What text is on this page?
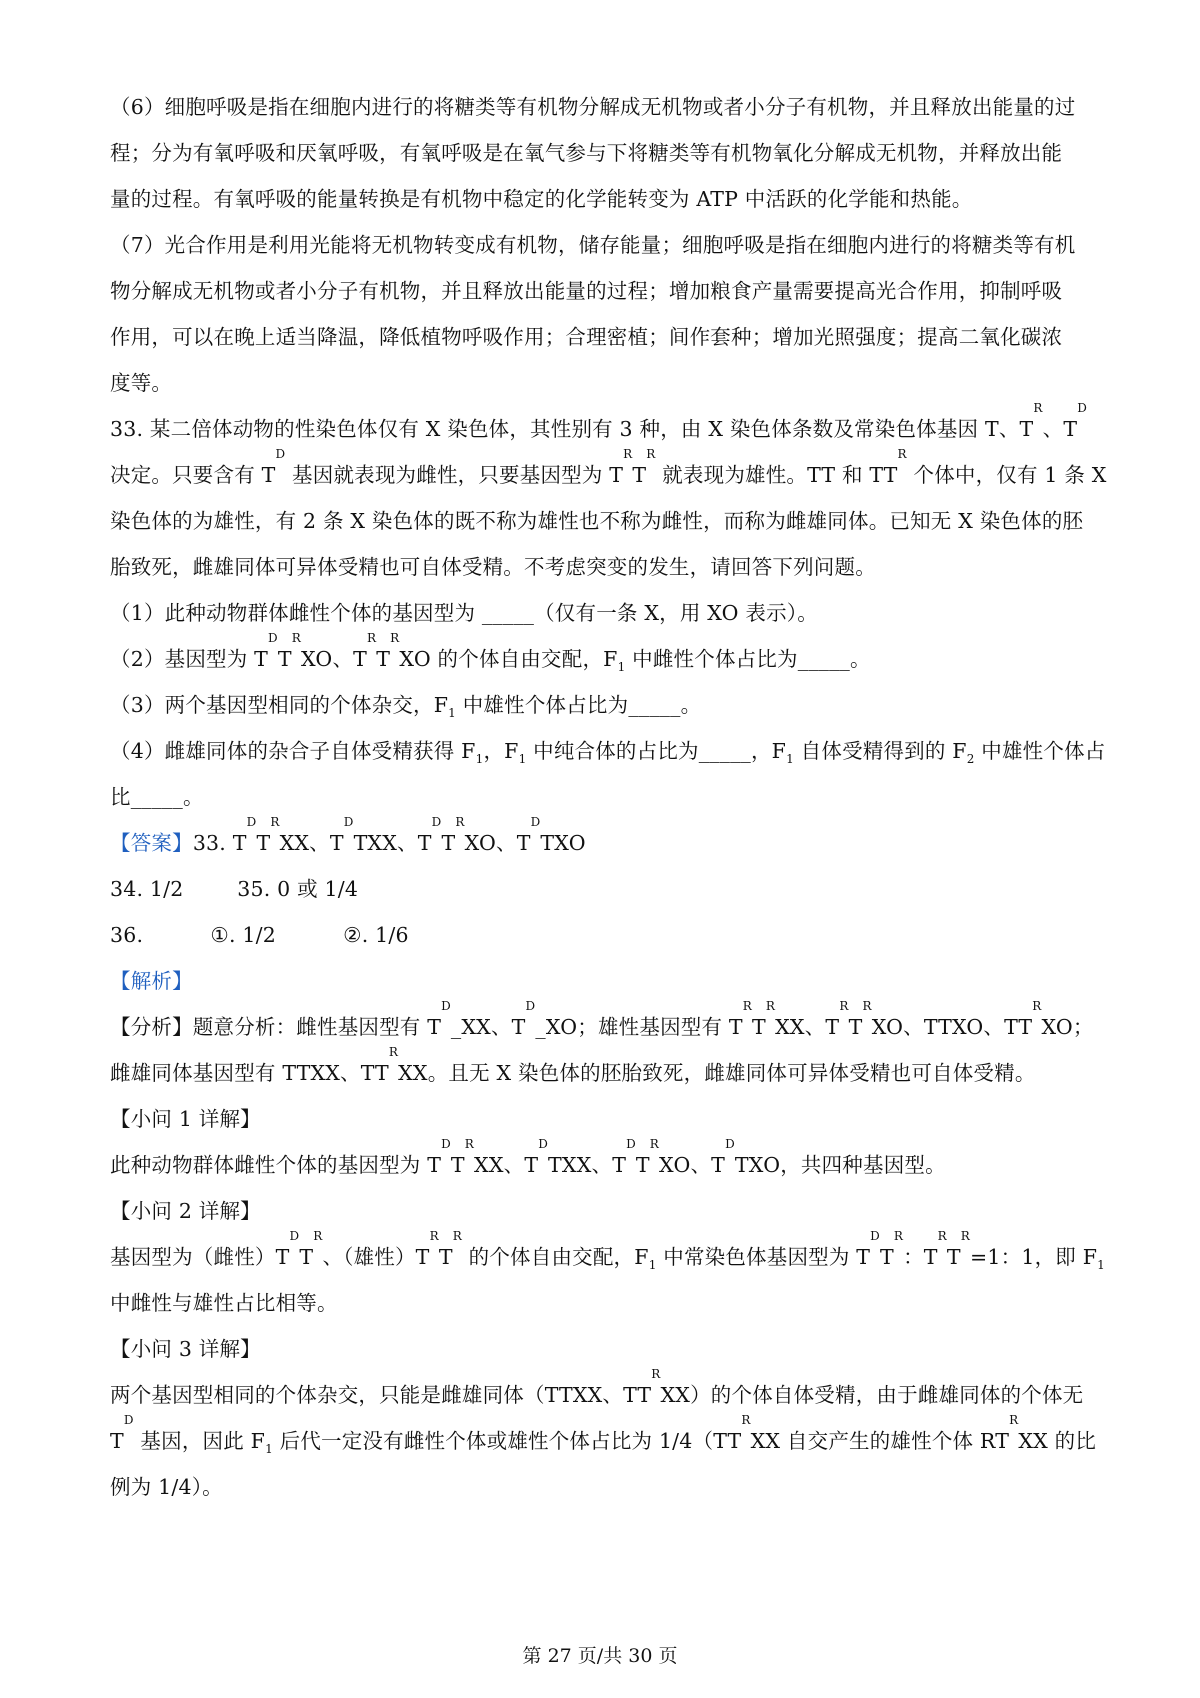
（6）细胞呼吸是指在细胞内进行的将糖类等有机物分解成无机物或者小分子有机物，并且释放出能量的过
程；分为有氧呼吸和厌氧呼吸，有氧呼吸是在氧气参与下将糖类等有机物氧化分解成无机物，并释放出能
量的过程。有氧呼吸的能量转换是有机物中稳定的化学能转变为 ATP 中活跃的化学能和热能。
（7）光合作用是利用光能将无机物转变成有机物，储存能量；细胞呼吸是指在细胞内进行的将糖类等有机
物分解成无机物或者小分子有机物，并且释放出能量的过程；增加粮食产量需要提高光合作用，抑制呼吸
作用，可以在晚上适当降温，降低植物呼吸作用；合理密植；间作套种；增加光照强度；提高二氧化碳浓
度等。
33. 某二倍体动物的性染色体仅有 X 染色体，其性别有 3 种，由 X 染色体条数及常染色体基因 T、$T^R$、$T^D$
决定。只要含有 $T^D$ 基因就表现为雌性，只要基因型为 $T^RT^R$ 就表现为雄性。TT 和 $TT^R$ 个体中，仅有 1 条 X
染色体的为雄性，有 2 条 X 染色体的既不称为雄性也不称为雌性，而称为雌雄同体。已知无 X 染色体的胚
胎致死，雌雄同体可异体受精也可自体受精。不考虑突变的发生，请回答下列问题。
（1）此种动物群体雌性个体的基因型为 _____（仅有一条 X，用 XO 表示）。
（2）基因型为 $T^DT^RXO$、$T^RT^RXO$ 的个体自由交配，$F_1$ 中雌性个体占比为_____。
（3）两个基因型相同的个体杂交，$F_1$ 中雄性个体占比为_____。
（4）雌雄同体的杂合子自体受精获得 $F_1$，$F_1$ 中纯合体的占比为_____，$F_1$ 自体受精得到的 $F_2$ 中雄性个体占
比_____。
【答案】33. $T^DT^RXX$、$T^DTXX$、$T^DT^RXO$、$T^DTXO$
34. 1/2        35. 0 或 1/4
36.          ①. 1/2          ②. 1/6
【解析】
【分析】题意分析：雌性基因型有 $T^D\_XX$、$T^D\_XO$；雄性基因型有 $T^RT^RXX$、$T^RT^RXO$、TTXO、$TT^RXO$；
雌雄同体基因型有 TTXX、$TT^RXX$。且无 X 染色体的胚胎致死，雌雄同体可异体受精也可自体受精。
【小问 1 详解】
此种动物群体雌性个体的基因型为 $T^DT^RXX$、$T^DTXX$、$T^DT^RXO$、$T^DTXO$，共四种基因型。
【小问 2 详解】
基因型为（雌性）$T^DT^R$、（雄性）$T^RT^R$ 的个体自由交配，$F_1$ 中常染色体基因型为 $T^DT^R$：$T^RT^R=1$：1，即 $F_1$
中雌性与雄性占比相等。
【小问 3 详解】
两个基因型相同的个体杂交，只能是雌雄同体（TTXX、$TT^RXX$）的个体自体受精，由于雌雄同体的个体无
$T^D$ 基因，因此 $F_1$ 后代一定没有雌性个体或雄性个体占比为 $1/4(TT^RXX$ 自交产生的雄性个体 $RT^RXX$ 的比
例为 1/4）。
第 27 页/共 30 页
